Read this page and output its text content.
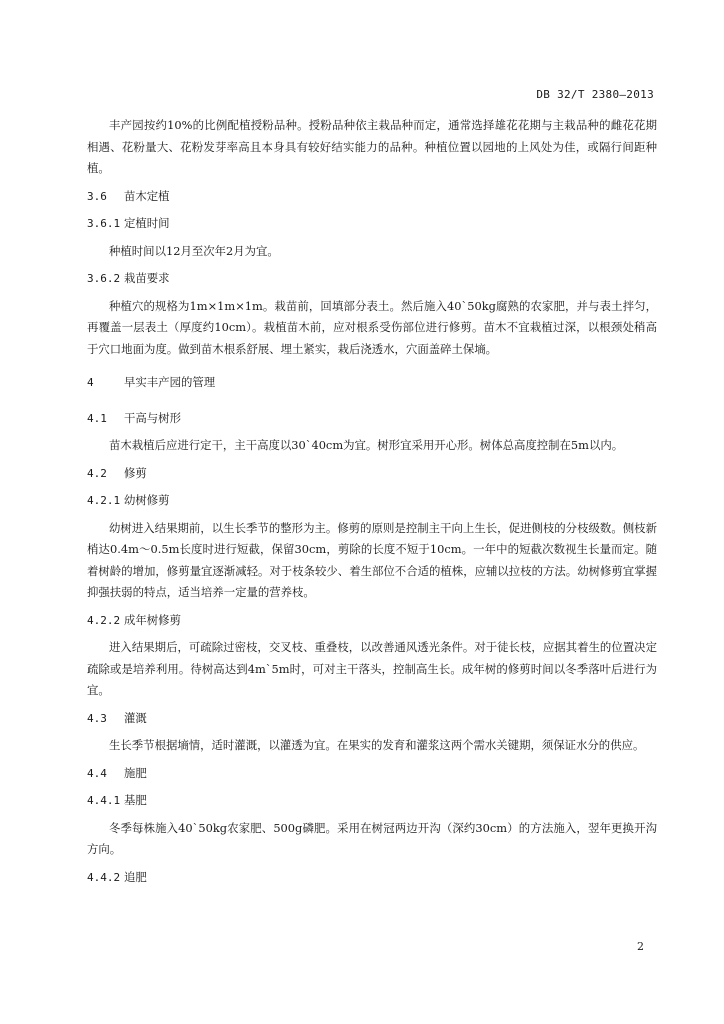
DB 32/T 2380—2013

丰产园按约10%的比例配植授粉品种。授粉品种依主栽品种而定，通常选择雄花花期与主栽品种的雌花花期相遇、花粉量大、花粉发芽率高且本身具有较好结实能力的品种。种植位置以园地的上风处为佳，或隔行间距种植。

3.6 苗木定植
3.6.1 定植时间

种植时间以12月至次年2月为宜。

3.6.2 栽苗要求

种植穴的规格为1m×1m×1m。栽苗前，回填部分表土。然后施入40`50kg腐熟的农家肥，并与表土拌匀，再覆盖一层表土（厚度约10cm）。栽植苗木前，应对根系受伤部位进行修剪。苗木不宜栽植过深，以根颈处稍高于穴口地面为度。做到苗木根系舒展、埋土紧实，栽后浇透水，穴面盖碎土保墒。

4	早实丰产园的管理
4.1 干高与树形

苗木栽植后应进行定干，主干高度以30`40cm为宜。树形宜采用开心形。树体总高度控制在5m以内。

4.2 修剪
4.2.1 幼树修剪

幼树进入结果期前，以生长季节的整形为主。修剪的原则是控制主干向上生长，促进侧枝的分枝级数。侧枝新梢达0.4m～0.5m长度时进行短截，保留30cm，剪除的长度不短于10cm。一年中的短截次数视生长量而定。随着树龄的增加，修剪量宜逐渐减轻。对于枝条较少、着生部位不合适的植株，应辅以拉枝的方法。幼树修剪宜掌握抑强扶弱的特点，适当培养一定量的营养枝。

4.2.2 成年树修剪

进入结果期后，可疏除过密枝，交叉枝、重叠枝，以改善通风透光条件。对于徒长枝，应据其着生的位置决定疏除或是培养利用。待树高达到4m`5m时，可对主干落头，控制高生长。成年树的修剪时间以冬季落叶后进行为宜。

4.3 灌溉

生长季节根据墒情，适时灌溉，以灌透为宜。在果实的发育和灌浆这两个需水关键期，须保证水分的供应。

4.4 施肥
4.4.1 基肥

冬季每株施入40`50kg农家肥、500g磷肥。采用在树冠两边开沟（深约30cm）的方法施入，翌年更换开沟方向。

4.4.2 追肥
2
